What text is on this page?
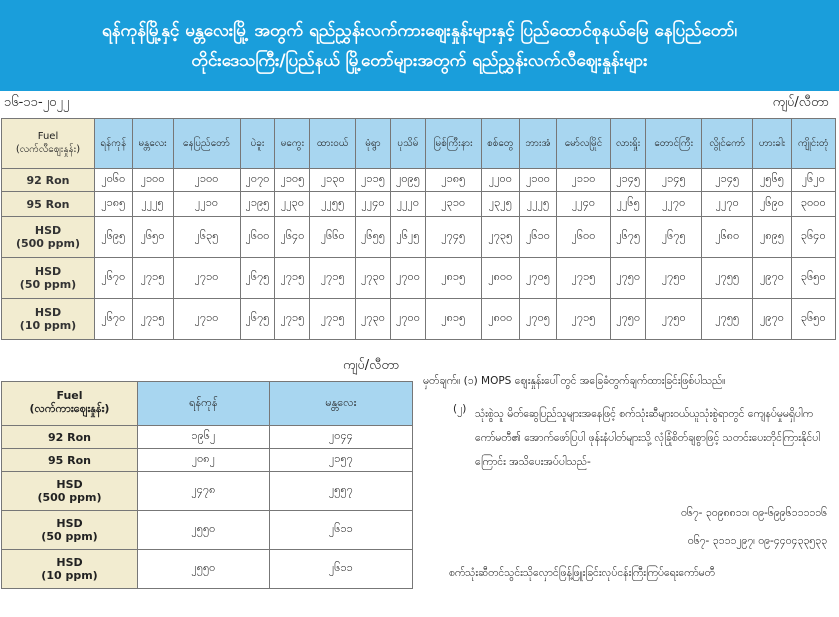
ရန်ကုန်မြို့နှင့် မန္တလေးမြို့ အတွက် ရည်ညွှန်းလက်ကားဈေးနှုန်းများနှင့် ပြည်ထောင်စုနယ်မြေ နေပြည်တော်၊
တိုင်းဒေသကြီး/ပြည်နယ် မြို့တော်များအတွက် ရည်ညွှန်းလက်လီဈေးနှုန်းများ
၁၆-၁၁-၂၀၂၂	ကျပ်/လီတာ
Fuel
(လက်လီဈေးနှုန်း)	ရန်ကုန်	မန္တလေး	နေပြည်တော်	ပဲခူး	မကွေး	ထားဝယ်	မုံရွာ	ပုသိမ်	မြစ်ကြီးနား	စစ်တွေ	ဘားအံ	မော်လမြိုင်	လားရှိုး	တောင်ကြီး	လွိုင်ကော်	ဟားခါး	ကျိုင်းတုံ
92 Ron	၂၀၆၀	၂၁၀၀	၂၁၀၀	၂၀၇၀	၂၁၀၅	၂၁၃၀	၂၁၁၅	၂၀၉၅	၂၁၈၅	၂၂၀၀	၂၁၀၀	၂၁၁၀	၂၁၄၅	၂၁၄၅	၂၁၄၅	၂၅၆၅	၂၆၂၀
95 Ron	၂၁၈၅	၂၂၂၅	၂၂၁၀	၂၁၉၅	၂၂၃၀	၂၂၅၅	၂၂၄၀	၂၂၂၀	၂၃၁၀	၂၃၂၅	၂၂၂၅	၂၂၄၀	၂၂၆၅	၂၂၇၀	၂၂၇၀	၂၆၉၀	၃၀၀၀
HSD
(500 ppm)	၂၆၉၅	၂၆၅၀	၂၆၃၅	၂၆၀၀	၂၆၄၀	၂၆၆၀	၂၆၅၅	၂၆၂၅	၂၇၄၅	၂၇၃၅	၂၆၁၀	၂၆၀၀	၂၆၇၅	၂၆၇၅	၂၆၈၀	၂၈၉၅	၃၆၄၀
HSD
(50 ppm)	၂၆၇၀	၂၇၁၅	၂၇၁၀	၂၆၇၅	၂၇၁၅	၂၇၁၅	၂၇၃၀	၂၇၀၀	၂၈၁၅	၂၈၀၀	၂၇၀၅	၂၇၁၅	၂၇၅၀	၂၇၅၀	၂၇၅၅	၂၉၇၀	၃၆၅၀
HSD
(10 ppm)	၂၆၇၀	၂၇၁၅	၂၇၁၀	၂၆၇၅	၂၇၁၅	၂၇၁၅	၂၇၃၀	၂၇၀၀	၂၈၁၅	၂၈၀၀	၂၇၀၅	၂၇၁၅	၂၇၅၀	၂၇၅၀	၂၇၅၅	၂၉၇၀	၃၆၅၀
ကျပ်/လီတာ
Fuel
(လက်ကားဈေးနှုန်း)	ရန်ကုန်	မန္တလေး
92 Ron	၁၉၆၂	၂၀၄၄
95 Ron	၂၀၈၂	၂၁၅၇
HSD
(500 ppm)	၂၄၇၈	၂၅၅၇
HSD
(50 ppm)	၂၅၅၀	၂၆၁၁
HSD
(10 ppm)	၂၅၅၀	၂၆၁၁
မှတ်ချက်။ (၁) MOPS ဈေးနှုန်းပေါ်တွင် အခြေခံတွက်ချက်ထားခြင်းဖြစ်ပါသည်။
(၂) သုံးစွဲသူ မိတ်ဆွေပြည်သူများအနေဖြင့် စက်သုံးဆီများဝယ်ယူသုံးစွဲရာတွင် ကျေနပ်မှုမရှိပါက ကော်မတီ၏ အောက်ဖော်ပြပါ ဖုန်းနံပါတ်များသို့ လုံခြုံစိတ်ချစွာဖြင့် သတင်းပေးတိုင်ကြားနိုင်ပါကြောင်း အသိပေးအပ်ပါသည်-
၀၆၇- ၃၀၉၈၈၁၁၊ ၀၉-၆၉၉၆၁၁၁၁၁၆
၀၆၇- ၃၁၁၁၂၉၇၊ ၀၉-၄၄၀၄၃၃၅၃၃
စက်သုံးဆီတင်သွင်းသိုလှောင်ဖြန့်ဖြူးခြင်းလုပ်ငန်းကြီးကြပ်ရေးကော်မတီ
